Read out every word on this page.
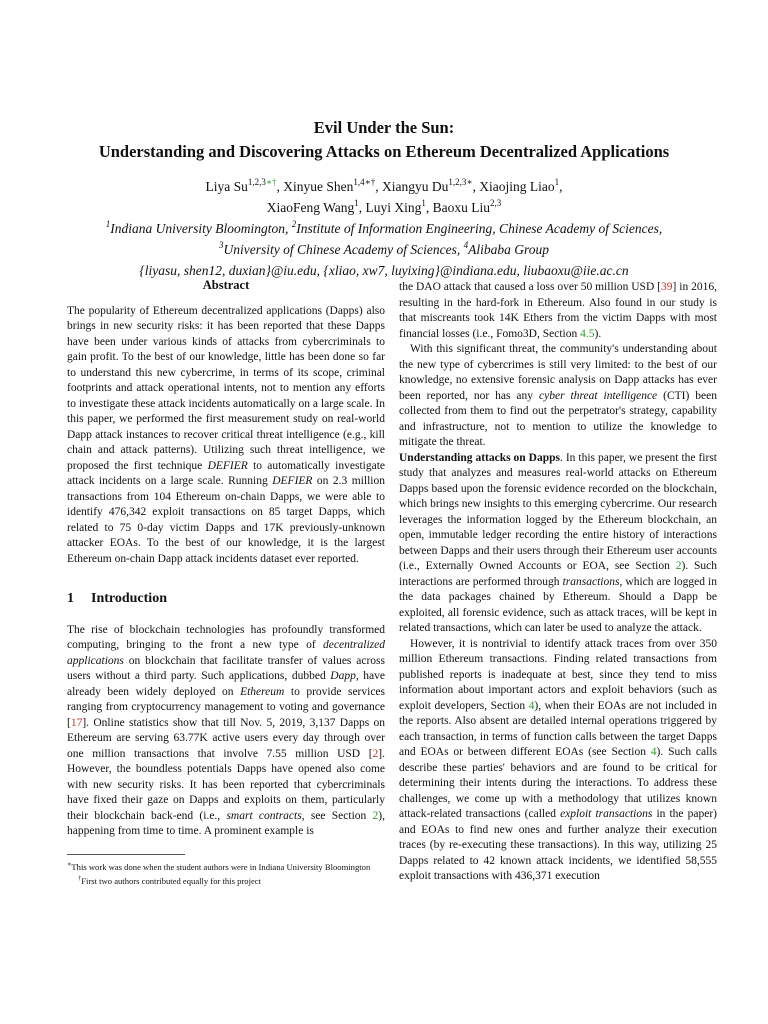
Evil Under the Sun:
Understanding and Discovering Attacks on Ethereum Decentralized Applications
Liya $Su^{1,2,3∗\dagger}$, Xinyue Shen$^{1,4∗\dagger}$, Xiangyu $Du^{1,2,3∗}$, Xiaojing Liao$^1$,
XiaoFeng Wang$^1$, Luyi Xing$^1$, Baoxu Liu$^{2,3}$
$^1$Indiana University Bloomington, $^2$Institute of Information Engineering, Chinese Academy of Sciences,
$^3$University of Chinese Academy of Sciences, $^4$Alibaba Group
{liyasu, shen12, duxian}@iu.edu, {xliao, xw7, luyixing}@indiana.edu, liubaoxu@iie.ac.cn
Abstract

The popularity of Ethereum decentralized applications (Dapps) also brings in new security risks: it has been reported that these Dapps have been under various kinds of attacks from cybercriminals to gain profit. To the best of our knowledge, little has been done so far to understand this new cybercrime, in terms of its scope, criminal footprints and attack operational intents, not to mention any efforts to investigate these attack incidents automatically on a large scale. In this paper, we performed the first measurement study on real-world Dapp attack instances to recover critical threat intelligence (e.g., kill chain and attack patterns). Utilizing such threat intelligence, we proposed the first technique DEFIER to automatically investigate attack incidents on a large scale. Running DEFIER on 2.3 million transactions from 104 Ethereum on-chain Dapps, we were able to identify 476,342 exploit transactions on 85 target Dapps, which related to 75 0-day victim Dapps and 17K previously-unknown attacker EOAs. To the best of our knowledge, it is the largest Ethereum on-chain Dapp attack incidents dataset ever reported.

1 Introduction

The rise of blockchain technologies has profoundly transformed computing, bringing to the front a new type of decentralized applications on blockchain that facilitate transfer of values across users without a third party. Such applications, dubbed Dapp, have already been widely deployed on Ethereum to provide services ranging from cryptocurrency management to voting and governance [17]. Online statistics show that till Nov. 5, 2019, 3,137 Dapps on Ethereum are serving 63.77K active users every day through over one million transactions that involve 7.55 million USD [2]. However, the boundless potentials Dapps have opened also come with new security risks. It has been reported that cybercriminals have fixed their gaze on Dapps and exploits on them, particularly their blockchain back-end (i.e., smart contracts, see Section 2), happening from time to time. A prominent example is

∗This work was done when the student authors were in Indiana University Bloomington

†First two authors contributed equally for this project

the DAO attack that caused a loss over 50 million USD [39] in 2016, resulting in the hard-fork in Ethereum. Also found in our study is that miscreants took 14K Ethers from the victim Dapps with most financial losses (i.e., Fomo3D, Section 4.5).

With this significant threat, the community's understanding about the new type of cybercrimes is still very limited: to the best of our knowledge, no extensive forensic analysis on Dapp attacks has ever been reported, nor has any cyber threat intelligence (CTI) been collected from them to find out the perpetrator's strategy, capability and infrastructure, not to mention to utilize the knowledge to mitigate the threat.

Understanding attacks on Dapps. In this paper, we present the first study that analyzes and measures real-world attacks on Ethereum Dapps based upon the forensic evidence recorded on the blockchain, which brings new insights to this emerging cybercrime. Our research leverages the information logged by the Ethereum blockchain, an open, immutable ledger recording the entire history of interactions between Dapps and their users through their Ethereum user accounts (i.e., Externally Owned Accounts or EOA, see Section 2). Such interactions are performed through transactions, which are logged in the data packages chained by Ethereum. Should a Dapp be exploited, all forensic evidence, such as attack traces, will be kept in related transactions, which can later be used to analyze the attack.

However, it is nontrivial to identify attack traces from over 350 million Ethereum transactions. Finding related transactions from published reports is inadequate at best, since they tend to miss information about important actors and exploit behaviors (such as exploit developers, Section 4), when their EOAs are not included in the reports. Also absent are detailed internal operations triggered by each transaction, in terms of function calls between the target Dapps and EOAs or between different EOAs (see Section 4). Such calls describe these parties' behaviors and are found to be critical for determining their intents during the interactions. To address these challenges, we come up with a methodology that utilizes known attack-related transactions (called exploit transactions in the paper) and EOAs to find new ones and further analyze their execution traces (by re-executing these transactions). In this way, utilizing 25 Dapps related to 42 known attack incidents, we identified 58,555 exploit transactions with 436,371 execution
